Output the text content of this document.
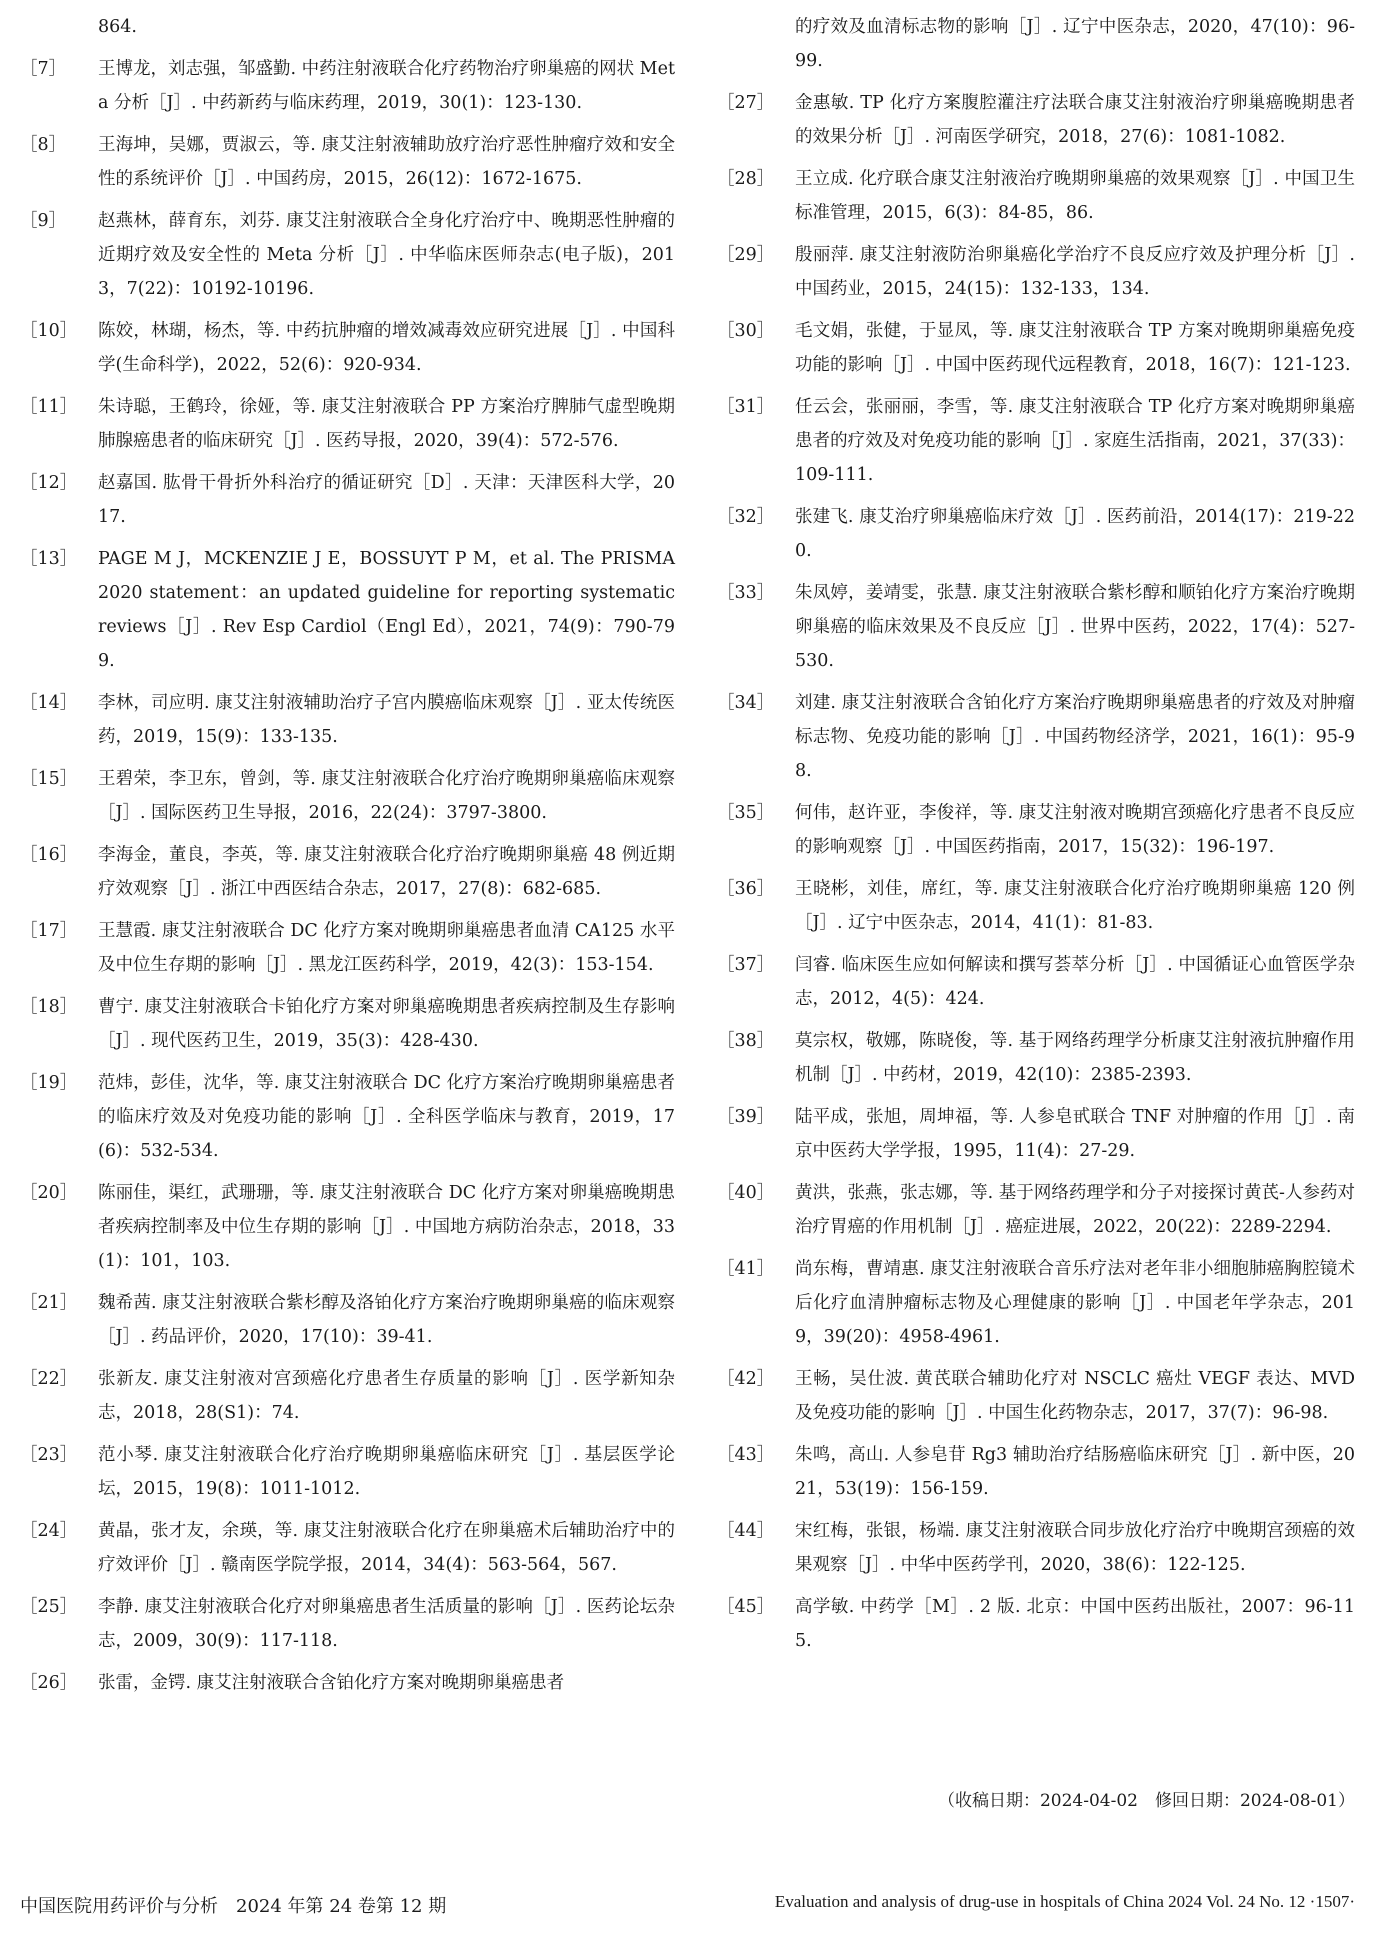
864.
［7］	王博龙，刘志强，邹盛勤. 中药注射液联合化疗药物治疗卵巢癌的网状 Meta 分析［J］. 中药新药与临床药理，2019，30(1)：123-130.
［8］	王海坤，吴娜，贾淑云，等. 康艾注射液辅助放疗治疗恶性肿瘤疗效和安全性的系统评价［J］. 中国药房，2015，26(12)：1672-1675.
［9］	赵燕林，薛育东，刘芬. 康艾注射液联合全身化疗治疗中、晚期恶性肿瘤的近期疗效及安全性的 Meta 分析［J］. 中华临床医师杂志(电子版)，2013，7(22)：10192-10196.
［10］ 陈姣，林瑚，杨杰，等. 中药抗肿瘤的增效减毒效应研究进展［J］. 中国科学(生命科学)，2022，52(6)：920-934.
［11］ 朱诗聪，王鹤玲，徐娅，等. 康艾注射液联合 PP 方案治疗脾肺气虚型晚期肺腺癌患者的临床研究［J］. 医药导报，2020，39(4)：572-576.
［12］ 赵嘉国. 肱骨干骨折外科治疗的循证研究［D］. 天津：天津医科大学，2017.
［13］ PAGE M J，MCKENZIE J E，BOSSUYT P M，et al. The PRISMA 2020 statement：an updated guideline for reporting systematic reviews［J］. Rev Esp Cardiol（Engl Ed），2021，74(9)：790-799.
［14］ 李林，司应明. 康艾注射液辅助治疗子宫内膜癌临床观察［J］. 亚太传统医药，2019，15(9)：133-135.
［15］ 王碧荣，李卫东，曾剑，等. 康艾注射液联合化疗治疗晚期卵巢癌临床观察［J］. 国际医药卫生导报，2016，22(24)：3797-3800.
［16］ 李海金，董良，李英，等. 康艾注射液联合化疗治疗晚期卵巢癌 48 例近期疗效观察［J］. 浙江中西医结合杂志，2017，27(8)：682-685.
［17］ 王慧霞. 康艾注射液联合 DC 化疗方案对晚期卵巢癌患者血清 CA125 水平及中位生存期的影响［J］. 黑龙江医药科学，2019，42(3)：153-154.
［18］ 曹宁. 康艾注射液联合卡铂化疗方案对卵巢癌晚期患者疾病控制及生存影响［J］. 现代医药卫生，2019，35(3)：428-430.
［19］ 范炜，彭佳，沈华，等. 康艾注射液联合 DC 化疗方案治疗晚期卵巢癌患者的临床疗效及对免疫功能的影响［J］. 全科医学临床与教育，2019，17(6)：532-534.
［20］ 陈丽佳，渠红，武珊珊，等. 康艾注射液联合 DC 化疗方案对卵巢癌晚期患者疾病控制率及中位生存期的影响［J］. 中国地方病防治杂志，2018，33(1)：101，103.
［21］ 魏希茜. 康艾注射液联合紫杉醇及洛铂化疗方案治疗晚期卵巢癌的临床观察［J］. 药品评价，2020，17(10)：39-41.
［22］ 张新友. 康艾注射液对宫颈癌化疗患者生存质量的影响［J］. 医学新知杂志，2018，28(S1)：74.
［23］ 范小琴. 康艾注射液联合化疗治疗晚期卵巢癌临床研究［J］. 基层医学论坛，2015，19(8)：1011-1012.
［24］ 黄晶，张才友，余瑛，等. 康艾注射液联合化疗在卵巢癌术后辅助治疗中的疗效评价［J］. 赣南医学院学报，2014，34(4)：563-564，567.
［25］ 李静. 康艾注射液联合化疗对卵巢癌患者生活质量的影响［J］. 医药论坛杂志，2009，30(9)：117-118.
［26］ 张雷，金锷. 康艾注射液联合含铂化疗方案对晚期卵巢癌患者
的疗效及血清标志物的影响［J］. 辽宁中医杂志，2020，47(10)：96-99.
［27］ 金惠敏. TP 化疗方案腹腔灌注疗法联合康艾注射液治疗卵巢癌晚期患者的效果分析［J］. 河南医学研究，2018，27(6)：1081-1082.
［28］ 王立成. 化疗联合康艾注射液治疗晚期卵巢癌的效果观察［J］. 中国卫生标准管理，2015，6(3)：84-85，86.
［29］ 殷丽萍. 康艾注射液防治卵巢癌化学治疗不良反应疗效及护理分析［J］. 中国药业，2015，24(15)：132-133，134.
［30］ 毛文娟，张健，于显凤，等. 康艾注射液联合 TP 方案对晚期卵巢癌免疫功能的影响［J］. 中国中医药现代远程教育，2018，16(7)：121-123.
［31］ 任云会，张丽丽，李雪，等. 康艾注射液联合 TP 化疗方案对晚期卵巢癌患者的疗效及对免疫功能的影响［J］. 家庭生活指南，2021，37(33)：109-111.
［32］ 张建飞. 康艾治疗卵巢癌临床疗效［J］. 医药前沿，2014(17)：219-220.
［33］ 朱凤婷，姜靖雯，张慧. 康艾注射液联合紫杉醇和顺铂化疗方案治疗晚期卵巢癌的临床效果及不良反应［J］. 世界中医药，2022，17(4)：527-530.
［34］ 刘建. 康艾注射液联合含铂化疗方案治疗晚期卵巢癌患者的疗效及对肿瘤标志物、免疫功能的影响［J］. 中国药物经济学，2021，16(1)：95-98.
［35］ 何伟，赵许亚，李俊祥，等. 康艾注射液对晚期宫颈癌化疗患者不良反应的影响观察［J］. 中国医药指南，2017，15(32)：196-197.
［36］ 王晓彬，刘佳，席红，等. 康艾注射液联合化疗治疗晚期卵巢癌 120 例［J］. 辽宁中医杂志，2014，41(1)：81-83.
［37］ 闫睿. 临床医生应如何解读和撰写荟萃分析［J］. 中国循证心血管医学杂志，2012，4(5)：424.
［38］ 莫宗权，敬娜，陈晓俊，等. 基于网络药理学分析康艾注射液抗肿瘤作用机制［J］. 中药材，2019，42(10)：2385-2393.
［39］ 陆平成，张旭，周坤福，等. 人参皂甙联合 TNF 对肿瘤的作用［J］. 南京中医药大学学报，1995，11(4)：27-29.
［40］ 黄洪，张燕，张志娜，等. 基于网络药理学和分子对接探讨黄芪-人参药对治疗胃癌的作用机制［J］. 癌症进展，2022，20(22)：2289-2294.
［41］ 尚东梅，曹靖惠. 康艾注射液联合音乐疗法对老年非小细胞肺癌胸腔镜术后化疗血清肿瘤标志物及心理健康的影响［J］. 中国老年学杂志，2019，39(20)：4958-4961.
［42］ 王畅，吴仕波. 黄芪联合辅助化疗对 NSCLC 癌灶 VEGF 表达、MVD 及免疫功能的影响［J］. 中国生化药物杂志，2017，37(7)：96-98.
［43］ 朱鸣，高山. 人参皂苷 Rg3 辅助治疗结肠癌临床研究［J］. 新中医，2021，53(19)：156-159.
［44］ 宋红梅，张银，杨端. 康艾注射液联合同步放化疗治疗中晚期宫颈癌的效果观察［J］. 中华中医药学刊，2020，38(6)：122-125.
［45］ 高学敏. 中药学［M］. 2 版. 北京：中国中医药出版社，2007：96-115.
（收稿日期：2024-04-02　修回日期：2024-08-01）
中国医院用药评价与分析　2024 年第 24 卷第 12 期	Evaluation and analysis of drug-use in hospitals of China 2024 Vol. 24 No. 12 ·1507·
